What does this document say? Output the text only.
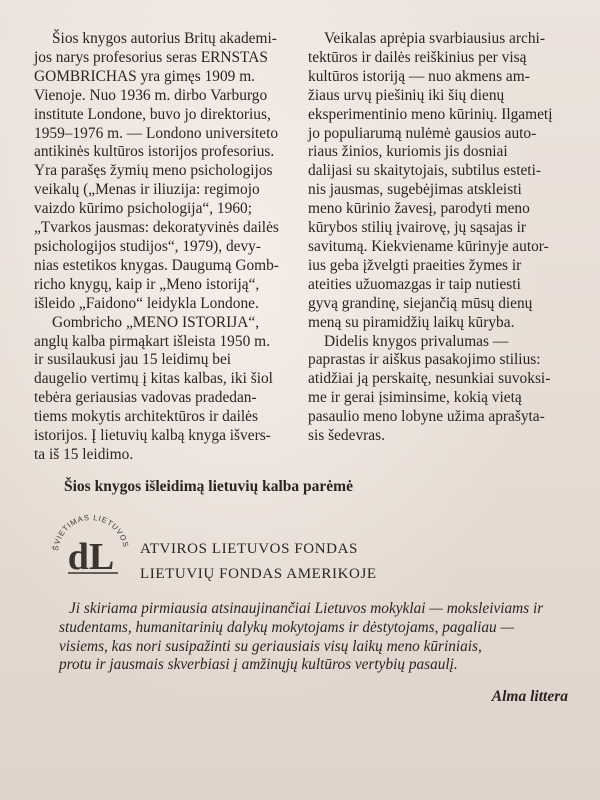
Šios knygos autorius Britų akademi-
jos narys profesorius seras ERNSTAS
GOMBRICHAS yra gimęs 1909 m.
Vienoje. Nuo 1936 m. dirbo Varburgo
institute Londone, buvo jo direktorius,
1959–1976 m. — Londono universiteto
antikinės kultūros istorijos profesorius.
Yra parašęs žymių meno psichologijos
veikalų („Menas ir iliuzija: regimojo
vaizdo kūrimo psichologija“, 1960;
„Tvarkos jausmas: dekoratyvinės dailės
psichologijos studijos“, 1979), devy-
nias estetikos knygas. Daugumą Gomb-
richo knygų, kaip ir „Meno istoriją“,
išleido „Faidono“ leidykla Londone.
Gombricho „MENO ISTORIJA“,
anglų kalba pirmąkart išleista 1950 m.
ir susilaukusi jau 15 leidimų bei
daugelio vertimų į kitas kalbas, iki šiol
tebėra geriausias vadovas pradedan-
tiems mokytis architektūros ir dailės
istorijos. Į lietuvių kalbą knyga išvers-
ta iš 15 leidimo.
Veikalas aprėpia svarbiausius archi-
tektūros ir dailės reiškinius per visą
kultūros istoriją — nuo akmens am-
žiaus urvų piešinių iki šių dienų
eksperimentinio meno kūrinių. Ilgametį
jo populiarumą nulėmė gausios auto-
riaus žinios, kuriomis jis dosniai
dalijasi su skaitytojais, subtilus esteti-
nis jausmas, sugebėjimas atskleisti
meno kūrinio žavesį, parodyti meno
kūrybos stilių įvairovę, jų sąsajas ir
savitumą. Kiekviename kūrinyje autor-
ius geba įžvelgti praeities žymes ir
ateities užuomazgas ir taip nutiesti
gyvą grandinę, siejančią mūsų dienų
meną su piramidžių laikų kūryba.
Didelis knygos privalumas —
paprastas ir aiškus pasakojimo stilius:
atidžiai ją perskaitę, nesunkiai suvoksi-
me ir gerai įsiminsime, kokią vietą
pasaulio meno lobyne užima aprašyta-
sis šedevras.
Šios knygos išleidimą lietuvių kalba parėmė
ŠVIETIMAS LIETUVOS
dL ATVIROS LIETUVOS FONDAS
LIETUVIŲ FONDAS AMERIKOJE
Ji skiriama pirmiausia atsinaujinančiai Lietuvos mokyklai — moksleiviams ir
studentams, humanitarinių dalykų mokytojams ir dėstytojams, pagaliau —
visiems, kas nori susipažinti su geriausiais visų laikų meno kūriniais,
protu ir jausmais skverbiasi į amžinųjų kultūros vertybių pasaulį.
Alma littera
